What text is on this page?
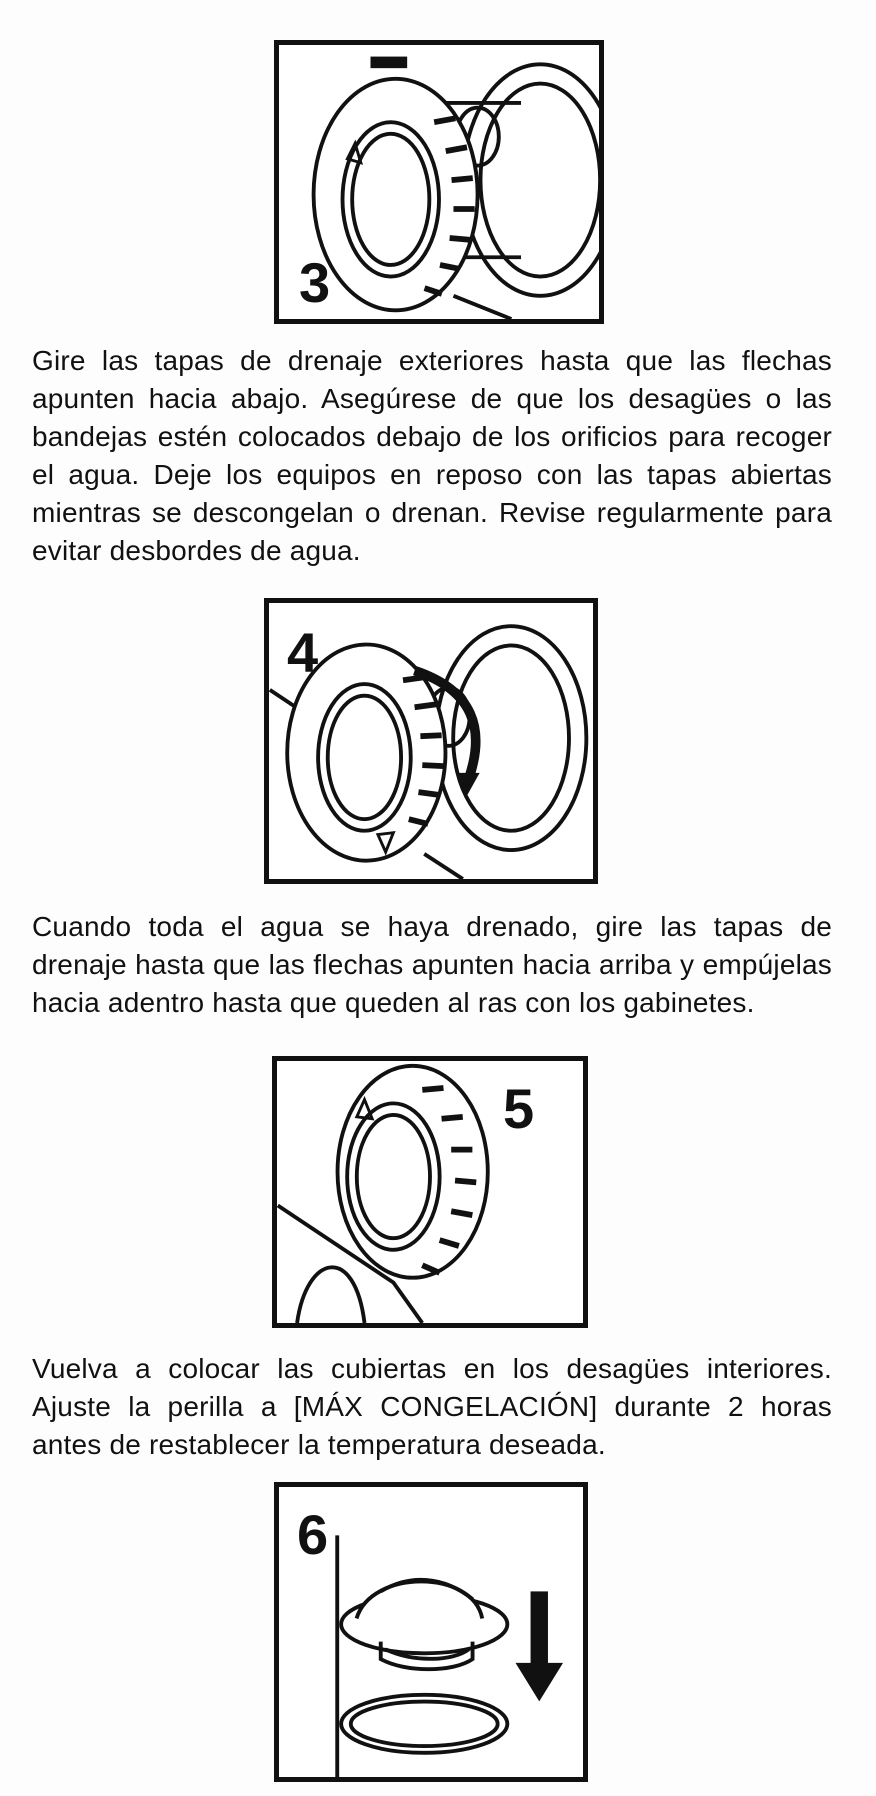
3

Gire las tapas de drenaje exteriores hasta que las flechas apunten hacia abajo. Asegúrese de que los desagües o las bandejas estén colocados debajo de los orificios para recoger el agua. Deje los equipos en reposo con las tapas abiertas mientras se descongelan o drenan. Revise regularmente para evitar desbordes de agua.

4

Cuando toda el agua se haya drenado, gire las tapas de drenaje hasta que las flechas apunten hacia arriba y empújelas hacia adentro hasta que queden al ras con los gabinetes.

5

Vuelva a colocar las cubiertas en los desagües interiores. Ajuste la perilla a [MÁX CONGELACIÓN] durante 2 horas antes de restablecer la temperatura deseada.

6
